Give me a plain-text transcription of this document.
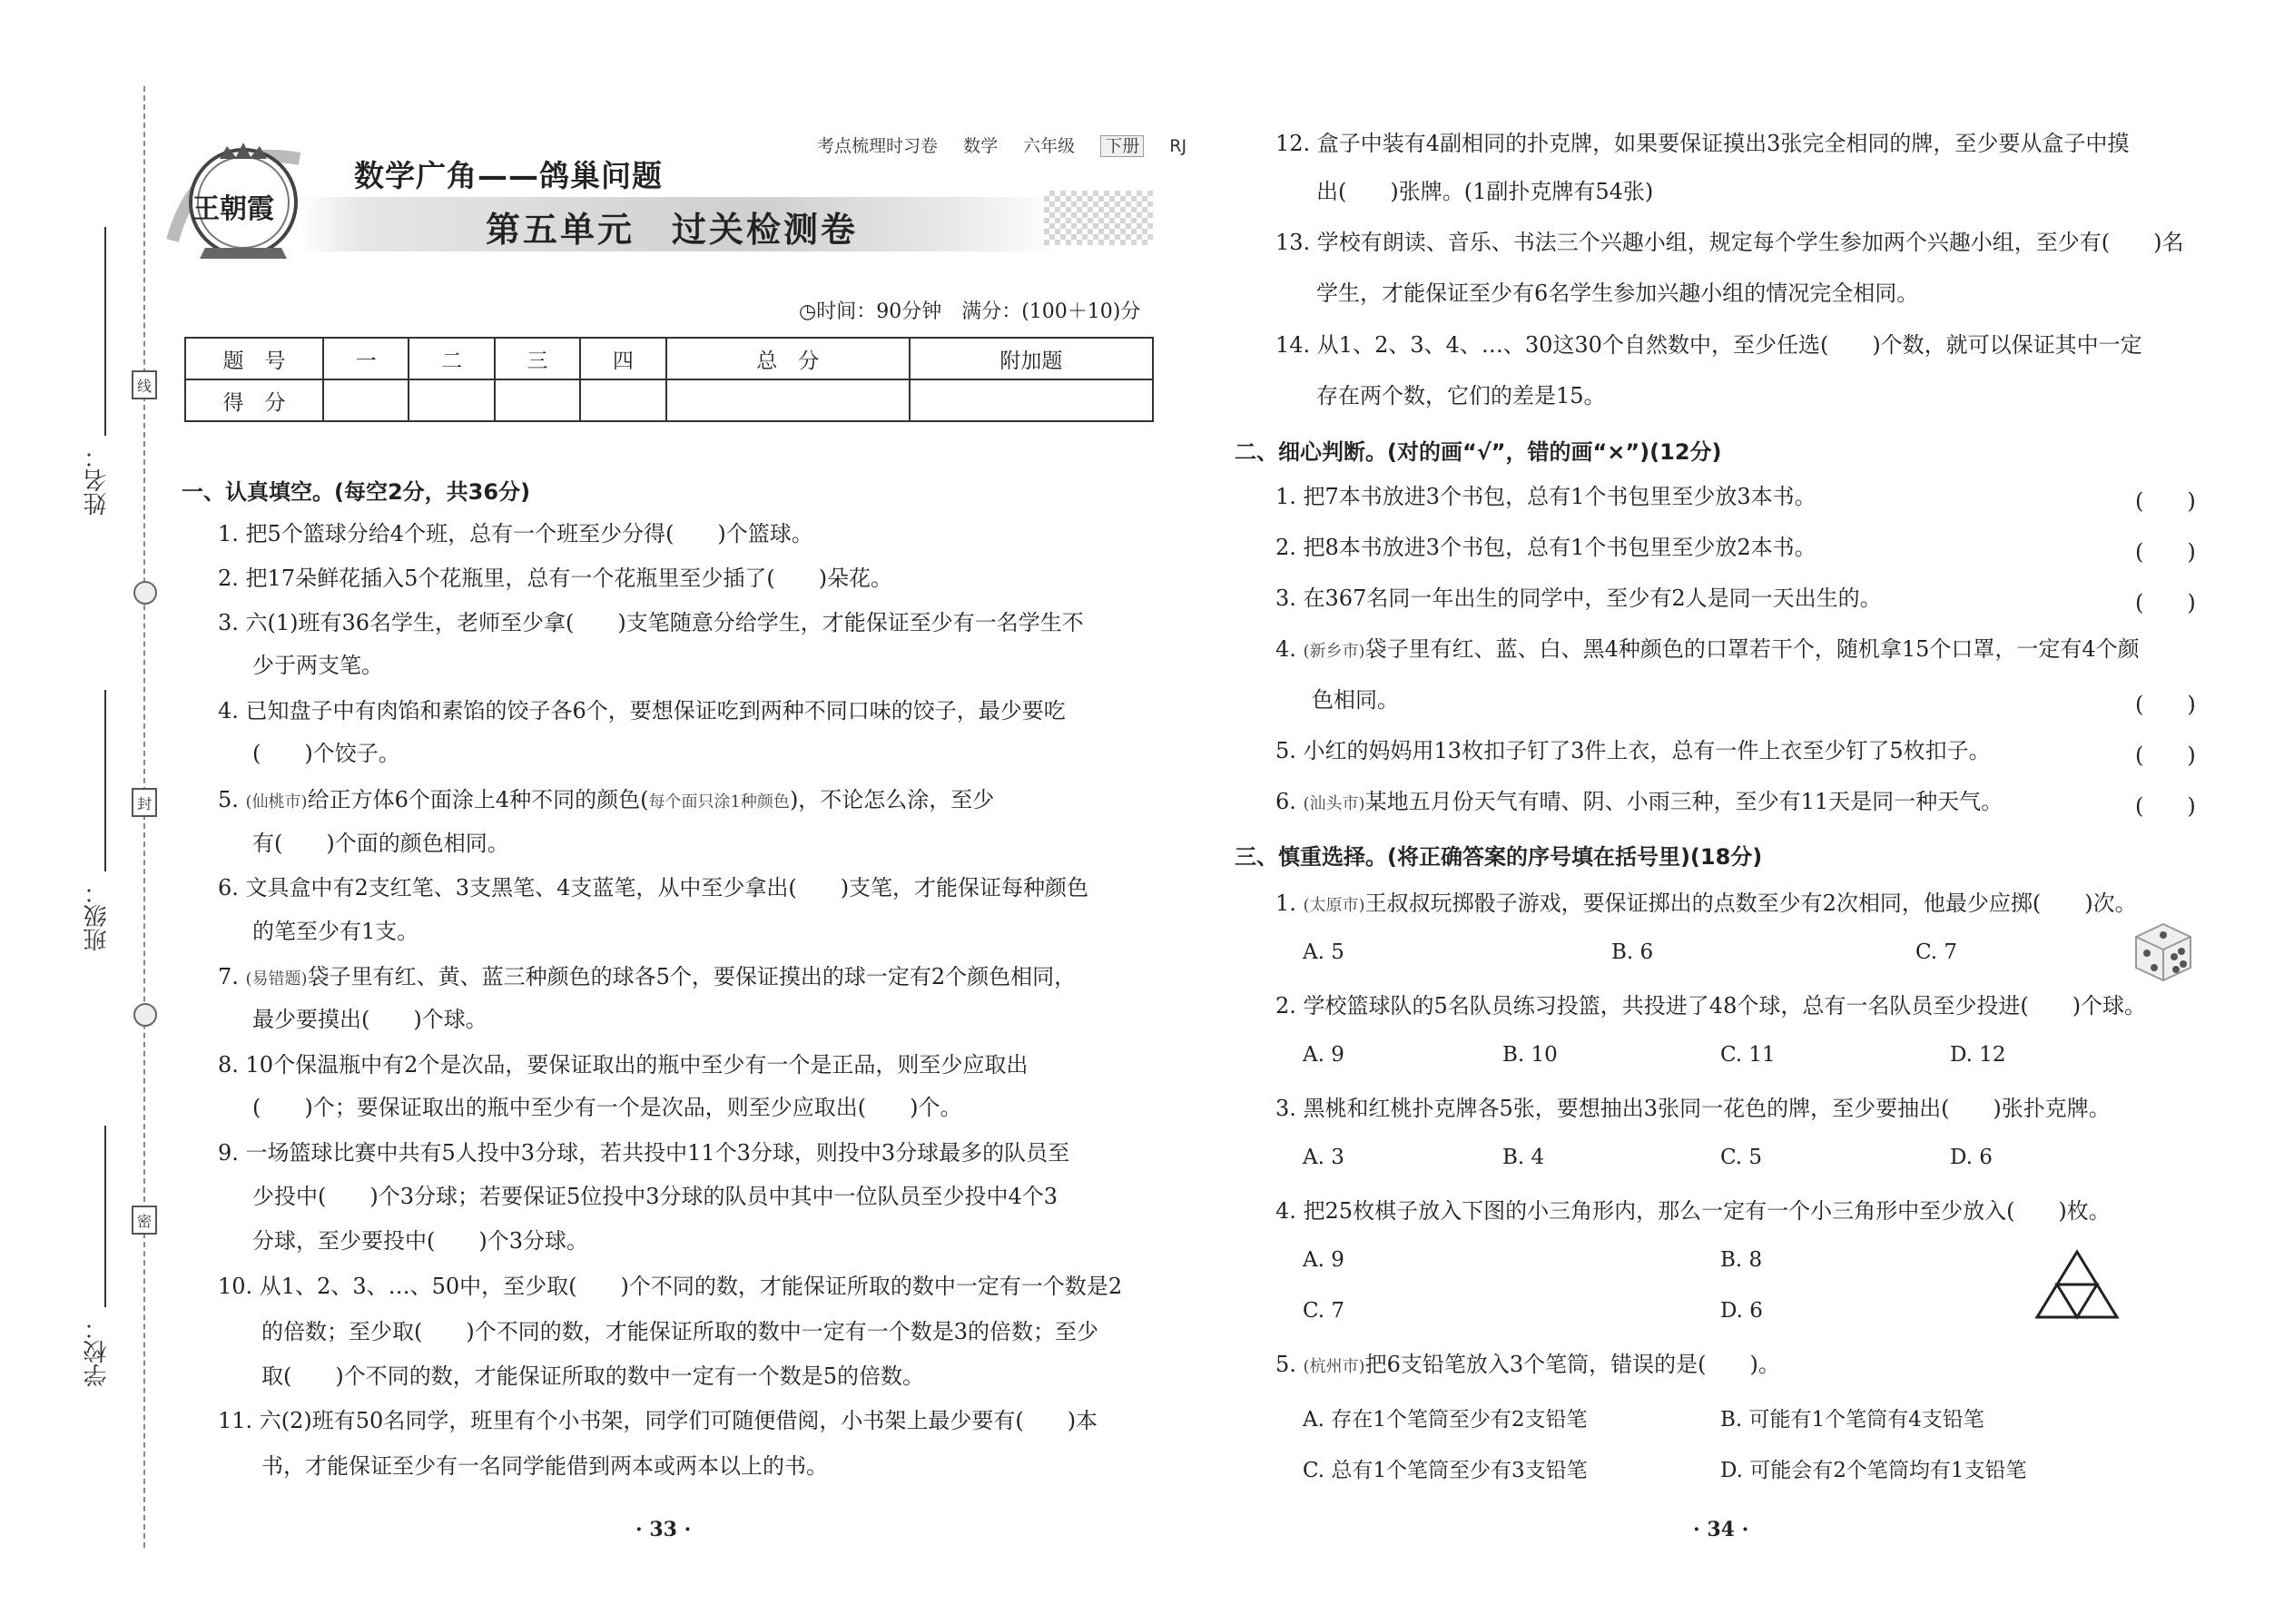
姓名：
班级：
学校：
线
封
密
王朝霞
考点梳理时习卷 数学 六年级 下册 RJ
数学广角——鸽巢问题
第五单元　过关检测卷
◷时间：90分钟　满分：(100＋10)分
题　号	一	二	三	四	总　分	附加题
得　分						
一、认真填空。(每空2分，共36分)
1. 把5个篮球分给4个班，总有一个班至少分得(　　)个篮球。
2. 把17朵鲜花插入5个花瓶里，总有一个花瓶里至少插了(　　)朵花。
3. 六(1)班有36名学生，老师至少拿(　　)支笔随意分给学生，才能保证至少有一名学生不
少于两支笔。
4. 已知盘子中有肉馅和素馅的饺子各6个，要想保证吃到两种不同口味的饺子，最少要吃
(　　)个饺子。
5. (仙桃市)给正方体6个面涂上4种不同的颜色(每个面只涂1种颜色)，不论怎么涂，至少
有(　　)个面的颜色相同。
6. 文具盒中有2支红笔、3支黑笔、4支蓝笔，从中至少拿出(　　)支笔，才能保证每种颜色
的笔至少有1支。
7. (易错题)袋子里有红、黄、蓝三种颜色的球各5个，要保证摸出的球一定有2个颜色相同，
最少要摸出(　　)个球。
8. 10个保温瓶中有2个是次品，要保证取出的瓶中至少有一个是正品，则至少应取出
(　　)个；要保证取出的瓶中至少有一个是次品，则至少应取出(　　)个。
9. 一场篮球比赛中共有5人投中3分球，若共投中11个3分球，则投中3分球最多的队员至
少投中(　　)个3分球；若要保证5位投中3分球的队员中其中一位队员至少投中4个3
分球，至少要投中(　　)个3分球。
10. 从1、2、3、…、50中，至少取(　　)个不同的数，才能保证所取的数中一定有一个数是2
的倍数；至少取(　　)个不同的数，才能保证所取的数中一定有一个数是3的倍数；至少
取(　　)个不同的数，才能保证所取的数中一定有一个数是5的倍数。
11. 六(2)班有50名同学，班里有个小书架，同学们可随便借阅，小书架上最少要有(　　)本
书，才能保证至少有一名同学能借到两本或两本以上的书。
· 33 ·
12. 盒子中装有4副相同的扑克牌，如果要保证摸出3张完全相同的牌，至少要从盒子中摸
出(　　)张牌。(1副扑克牌有54张)
13. 学校有朗读、音乐、书法三个兴趣小组，规定每个学生参加两个兴趣小组，至少有(　　)名
学生，才能保证至少有6名学生参加兴趣小组的情况完全相同。
14. 从1、2、3、4、…、30这30个自然数中，至少任选(　　)个数，就可以保证其中一定
存在两个数，它们的差是15。
二、细心判断。(对的画“√”，错的画“×”)(12分)
1. 把7本书放进3个书包，总有1个书包里至少放3本书。	(　　)
2. 把8本书放进3个书包，总有1个书包里至少放2本书。	(　　)
3. 在367名同一年出生的同学中，至少有2人是同一天出生的。	(　　)
4. (新乡市)袋子里有红、蓝、白、黑4种颜色的口罩若干个，随机拿15个口罩，一定有4个颜
色相同。	(　　)
5. 小红的妈妈用13枚扣子钉了3件上衣，总有一件上衣至少钉了5枚扣子。	(　　)
6. (汕头市)某地五月份天气有晴、阴、小雨三种，至少有11天是同一种天气。	(　　)
三、慎重选择。(将正确答案的序号填在括号里)(18分)
1. (太原市)王叔叔玩掷骰子游戏，要保证掷出的点数至少有2次相同，他最少应掷(　　)次。
A. 5	B. 6	C. 7
2. 学校篮球队的5名队员练习投篮，共投进了48个球，总有一名队员至少投进(　　)个球。
A. 9	B. 10	C. 11	D. 12
3. 黑桃和红桃扑克牌各5张，要想抽出3张同一花色的牌，至少要抽出(　　)张扑克牌。
A. 3	B. 4	C. 5	D. 6
4. 把25枚棋子放入下图的小三角形内，那么一定有一个小三角形中至少放入(　　)枚。
A. 9	B. 8
C. 7	D. 6
5. (杭州市)把6支铅笔放入3个笔筒，错误的是(　　)。
A. 存在1个笔筒至少有2支铅笔	B. 可能有1个笔筒有4支铅笔
C. 总有1个笔筒至少有3支铅笔	D. 可能会有2个笔筒均有1支铅笔
· 34 ·
